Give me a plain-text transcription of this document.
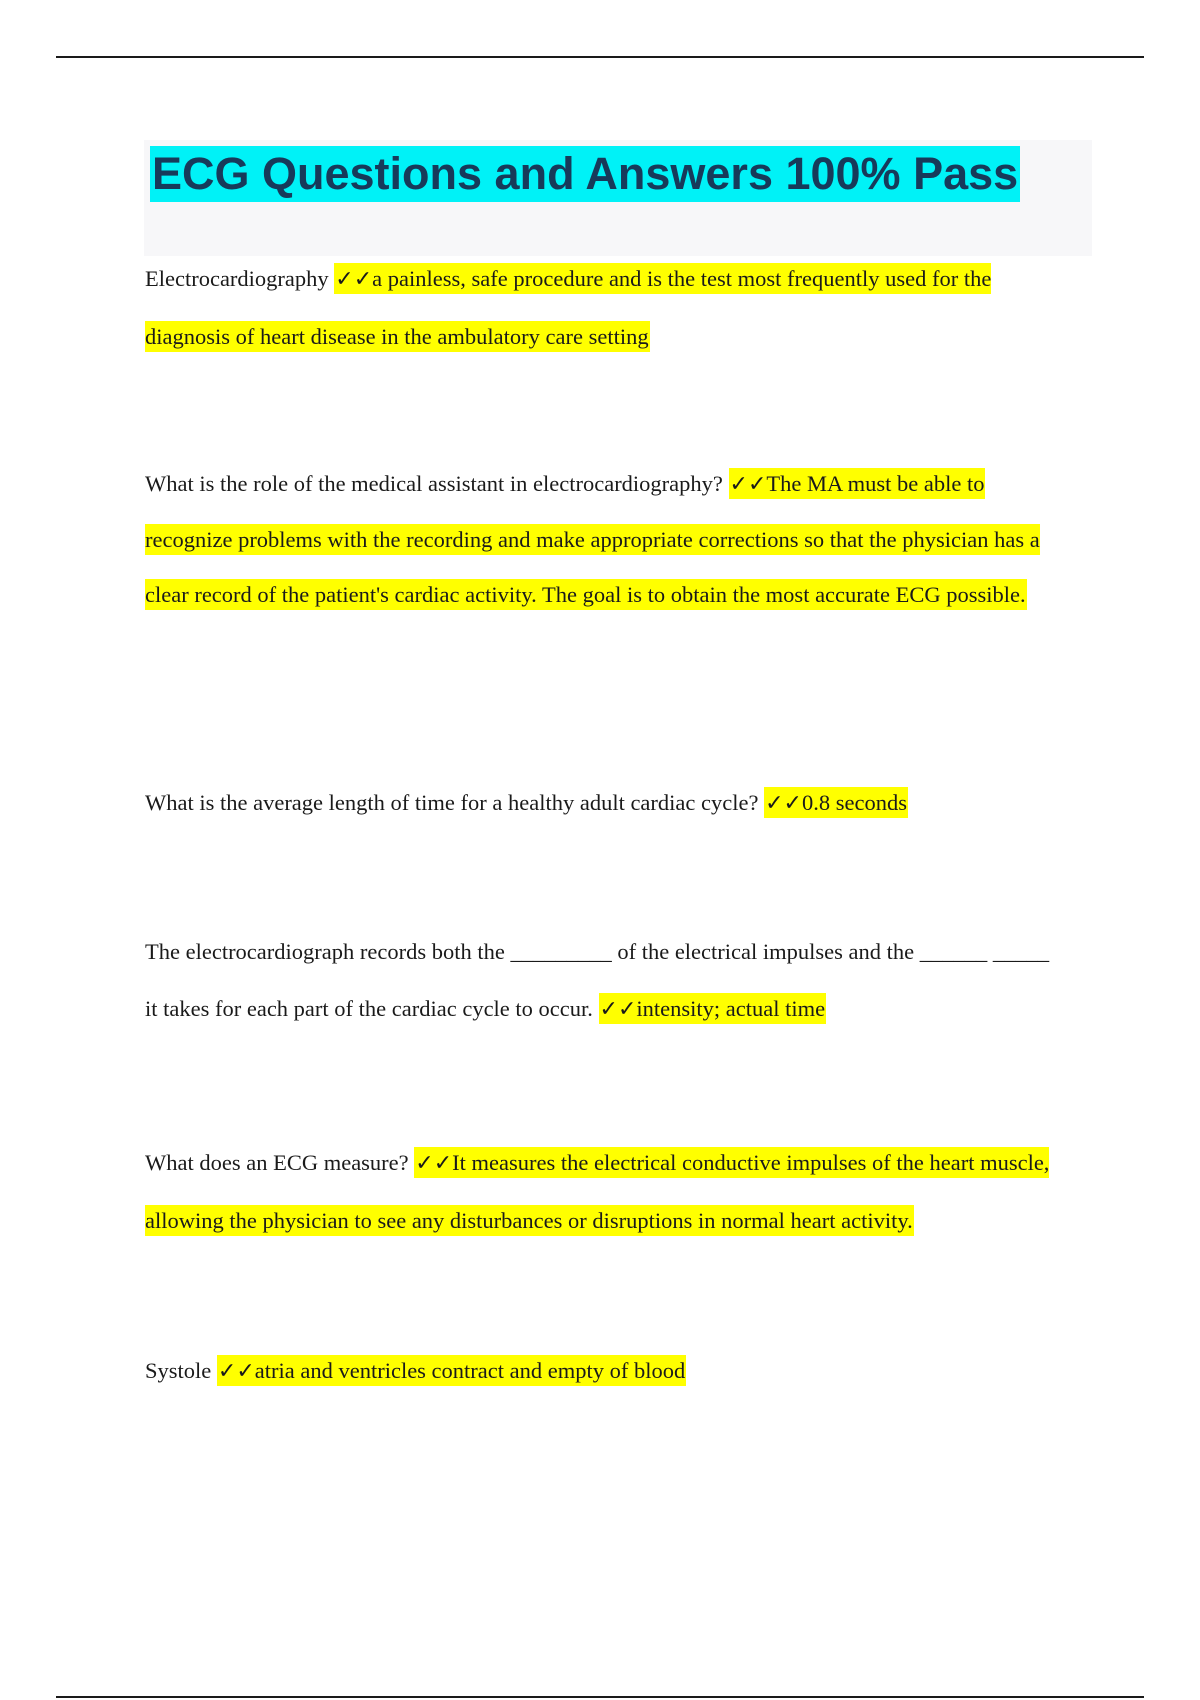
ECG Questions and Answers 100% Pass

Electrocardiography ✓✓a painless, safe procedure and is the test most frequently used for the diagnosis of heart disease in the ambulatory care setting

What is the role of the medical assistant in electrocardiography? ✓✓The MA must be able to recognize problems with the recording and make appropriate corrections so that the physician has a clear record of the patient's cardiac activity. The goal is to obtain the most accurate ECG possible.

What is the average length of time for a healthy adult cardiac cycle? ✓✓0.8 seconds

The electrocardiograph records both the _________ of the electrical impulses and the ______ _____ it takes for each part of the cardiac cycle to occur. ✓✓intensity; actual time

What does an ECG measure? ✓✓It measures the electrical conductive impulses of the heart muscle, allowing the physician to see any disturbances or disruptions in normal heart activity.

Systole ✓✓atria and ventricles contract and empty of blood
